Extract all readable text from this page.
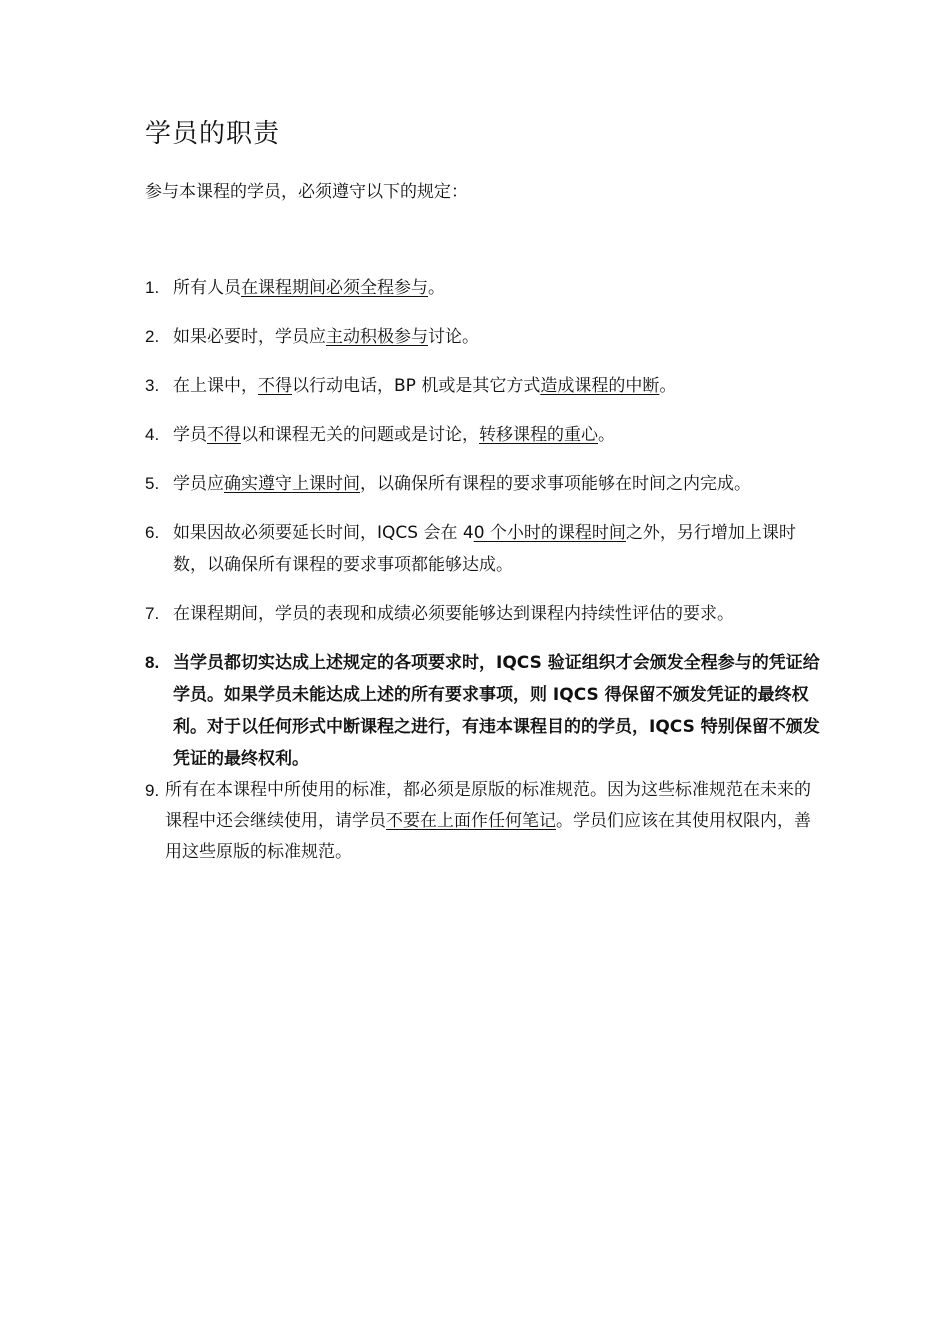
学员的职责

参与本课程的学员，必须遵守以下的规定：

1. 所有人员在课程期间必须全程参与。
2. 如果必要时，学员应主动积极参与讨论。
3. 在上课中，不得以行动电话，BP 机或是其它方式造成课程的中断。
4. 学员不得以和课程无关的问题或是讨论，转移课程的重心。
5. 学员应确实遵守上课时间，以确保所有课程的要求事项能够在时间之内完成。
6. 如果因故必须要延长时间，IQCS 会在 40 个小时的课程时间之外，另行增加上课时数，以确保所有课程的要求事项都能够达成。
7. 在课程期间，学员的表现和成绩必须要能够达到课程内持续性评估的要求。
8. 当学员都切实达成上述规定的各项要求时，IQCS 验证组织才会颁发全程参与的凭证给学员。如果学员未能达成上述的所有要求事项，则 IQCS 得保留不颁发凭证的最终权利。对于以任何形式中断课程之进行，有违本课程目的的学员，IQCS 特别保留不颁发凭证的最终权利。
9. 所有在本课程中所使用的标准，都必须是原版的标准规范。因为这些标准规范在未来的课程中还会继续使用，请学员不要在上面作任何笔记。学员们应该在其使用权限内，善用这些原版的标准规范。
